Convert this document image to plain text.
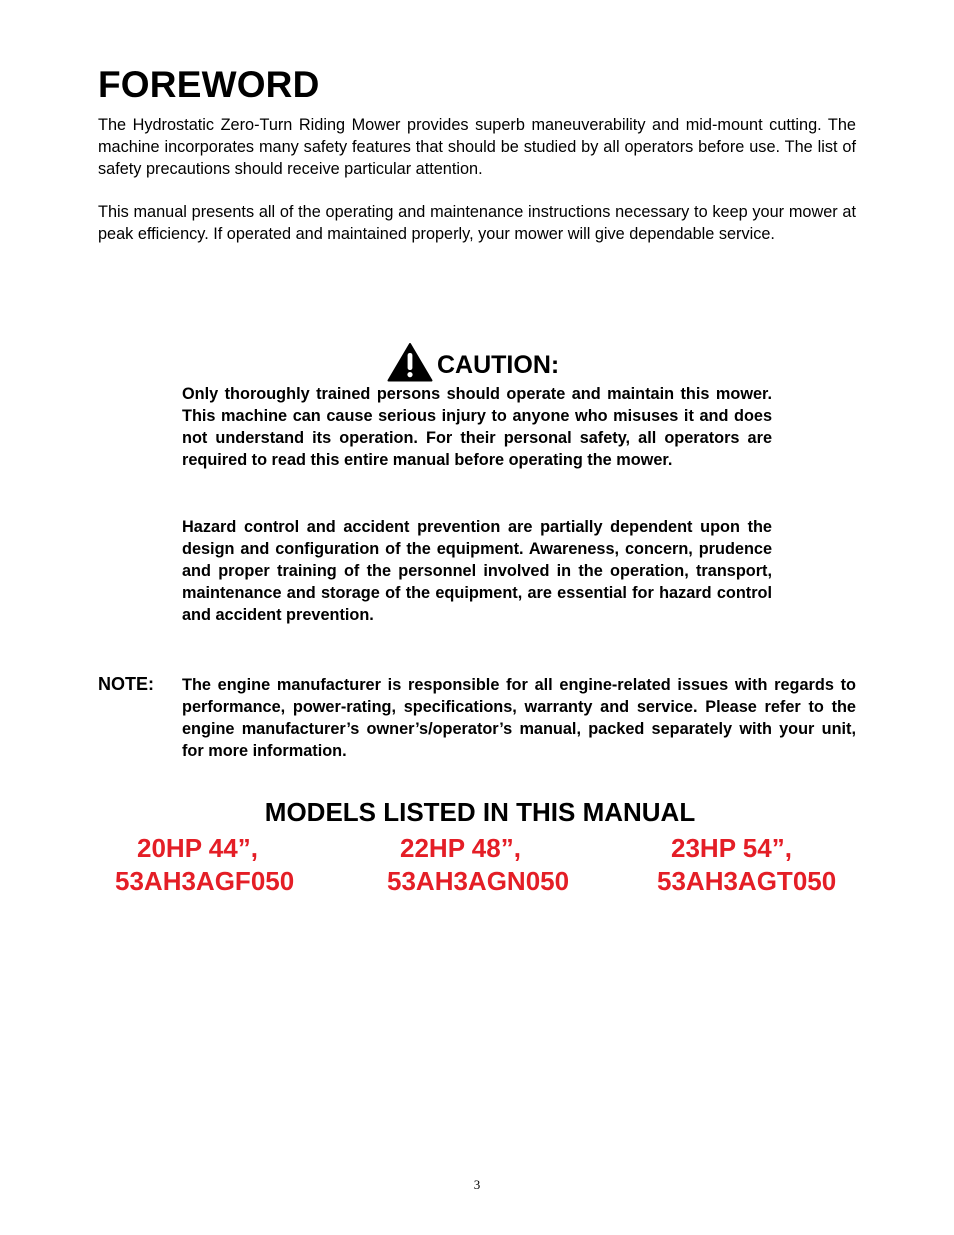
FOREWORD

The Hydrostatic Zero-Turn Riding Mower provides superb maneuverability and mid-mount cutting. The machine incorporates many safety features that should be studied by all operators before use. The list of safety precautions should receive particular attention.

This manual presents all of the operating and maintenance instructions necessary to keep your mower at peak efficiency. If operated and maintained properly, your mower will give dependable service.

CAUTION:

Only thoroughly trained persons should operate and maintain this mower. This machine can cause serious injury to anyone who misuses it and does not understand its operation. For their personal safety, all operators are required to read this entire manual before operating the mower.

Hazard control and accident prevention are partially dependent upon the design and configuration of the equipment. Awareness, concern, prudence and proper training of the personnel involved in the operation, transport, maintenance and storage of the equipment, are essential for hazard control and accident prevention.

NOTE: The engine manufacturer is responsible for all engine-related issues with regards to performance, power-rating, specifications, warranty and service. Please refer to the engine manufacturer’s owner’s/operator’s manual, packed separately with your unit, for more information.

MODELS LISTED IN THIS MANUAL
20HP 44”,
53AH3AGF050
22HP 48”,
53AH3AGN050
23HP 54”,
53AH3AGT050
3
